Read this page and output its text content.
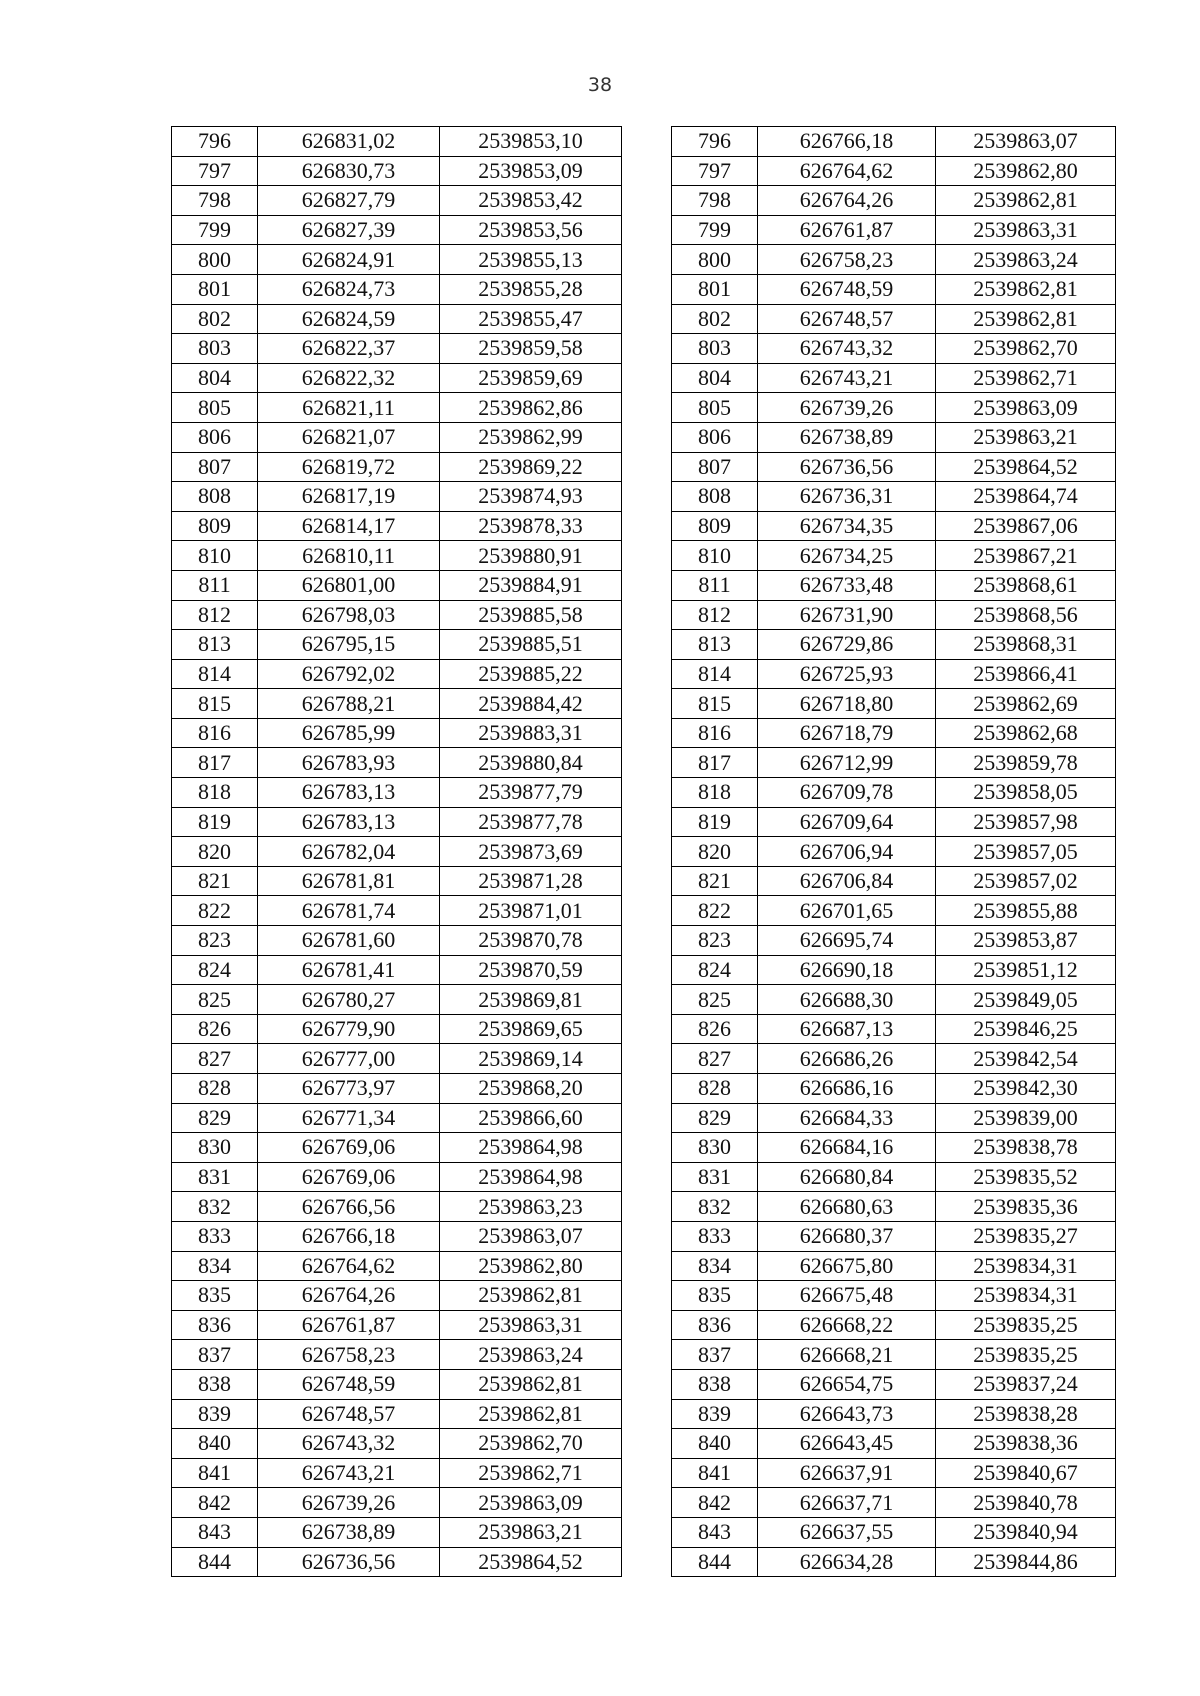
38
796	626831,02	2539853,10		796	626766,18	2539863,07
797	626830,73	2539853,09		797	626764,62	2539862,80
798	626827,79	2539853,42		798	626764,26	2539862,81
799	626827,39	2539853,56		799	626761,87	2539863,31
800	626824,91	2539855,13		800	626758,23	2539863,24
801	626824,73	2539855,28		801	626748,59	2539862,81
802	626824,59	2539855,47		802	626748,57	2539862,81
803	626822,37	2539859,58		803	626743,32	2539862,70
804	626822,32	2539859,69		804	626743,21	2539862,71
805	626821,11	2539862,86		805	626739,26	2539863,09
806	626821,07	2539862,99		806	626738,89	2539863,21
807	626819,72	2539869,22		807	626736,56	2539864,52
808	626817,19	2539874,93		808	626736,31	2539864,74
809	626814,17	2539878,33		809	626734,35	2539867,06
810	626810,11	2539880,91		810	626734,25	2539867,21
811	626801,00	2539884,91		811	626733,48	2539868,61
812	626798,03	2539885,58		812	626731,90	2539868,56
813	626795,15	2539885,51		813	626729,86	2539868,31
814	626792,02	2539885,22		814	626725,93	2539866,41
815	626788,21	2539884,42		815	626718,80	2539862,69
816	626785,99	2539883,31		816	626718,79	2539862,68
817	626783,93	2539880,84		817	626712,99	2539859,78
818	626783,13	2539877,79		818	626709,78	2539858,05
819	626783,13	2539877,78		819	626709,64	2539857,98
820	626782,04	2539873,69		820	626706,94	2539857,05
821	626781,81	2539871,28		821	626706,84	2539857,02
822	626781,74	2539871,01		822	626701,65	2539855,88
823	626781,60	2539870,78		823	626695,74	2539853,87
824	626781,41	2539870,59		824	626690,18	2539851,12
825	626780,27	2539869,81		825	626688,30	2539849,05
826	626779,90	2539869,65		826	626687,13	2539846,25
827	626777,00	2539869,14		827	626686,26	2539842,54
828	626773,97	2539868,20		828	626686,16	2539842,30
829	626771,34	2539866,60		829	626684,33	2539839,00
830	626769,06	2539864,98		830	626684,16	2539838,78
831	626769,06	2539864,98		831	626680,84	2539835,52
832	626766,56	2539863,23		832	626680,63	2539835,36
833	626766,18	2539863,07		833	626680,37	2539835,27
834	626764,62	2539862,80		834	626675,80	2539834,31
835	626764,26	2539862,81		835	626675,48	2539834,31
836	626761,87	2539863,31		836	626668,22	2539835,25
837	626758,23	2539863,24		837	626668,21	2539835,25
838	626748,59	2539862,81		838	626654,75	2539837,24
839	626748,57	2539862,81		839	626643,73	2539838,28
840	626743,32	2539862,70		840	626643,45	2539838,36
841	626743,21	2539862,71		841	626637,91	2539840,67
842	626739,26	2539863,09		842	626637,71	2539840,78
843	626738,89	2539863,21		843	626637,55	2539840,94
844	626736,56	2539864,52		844	626634,28	2539844,86
